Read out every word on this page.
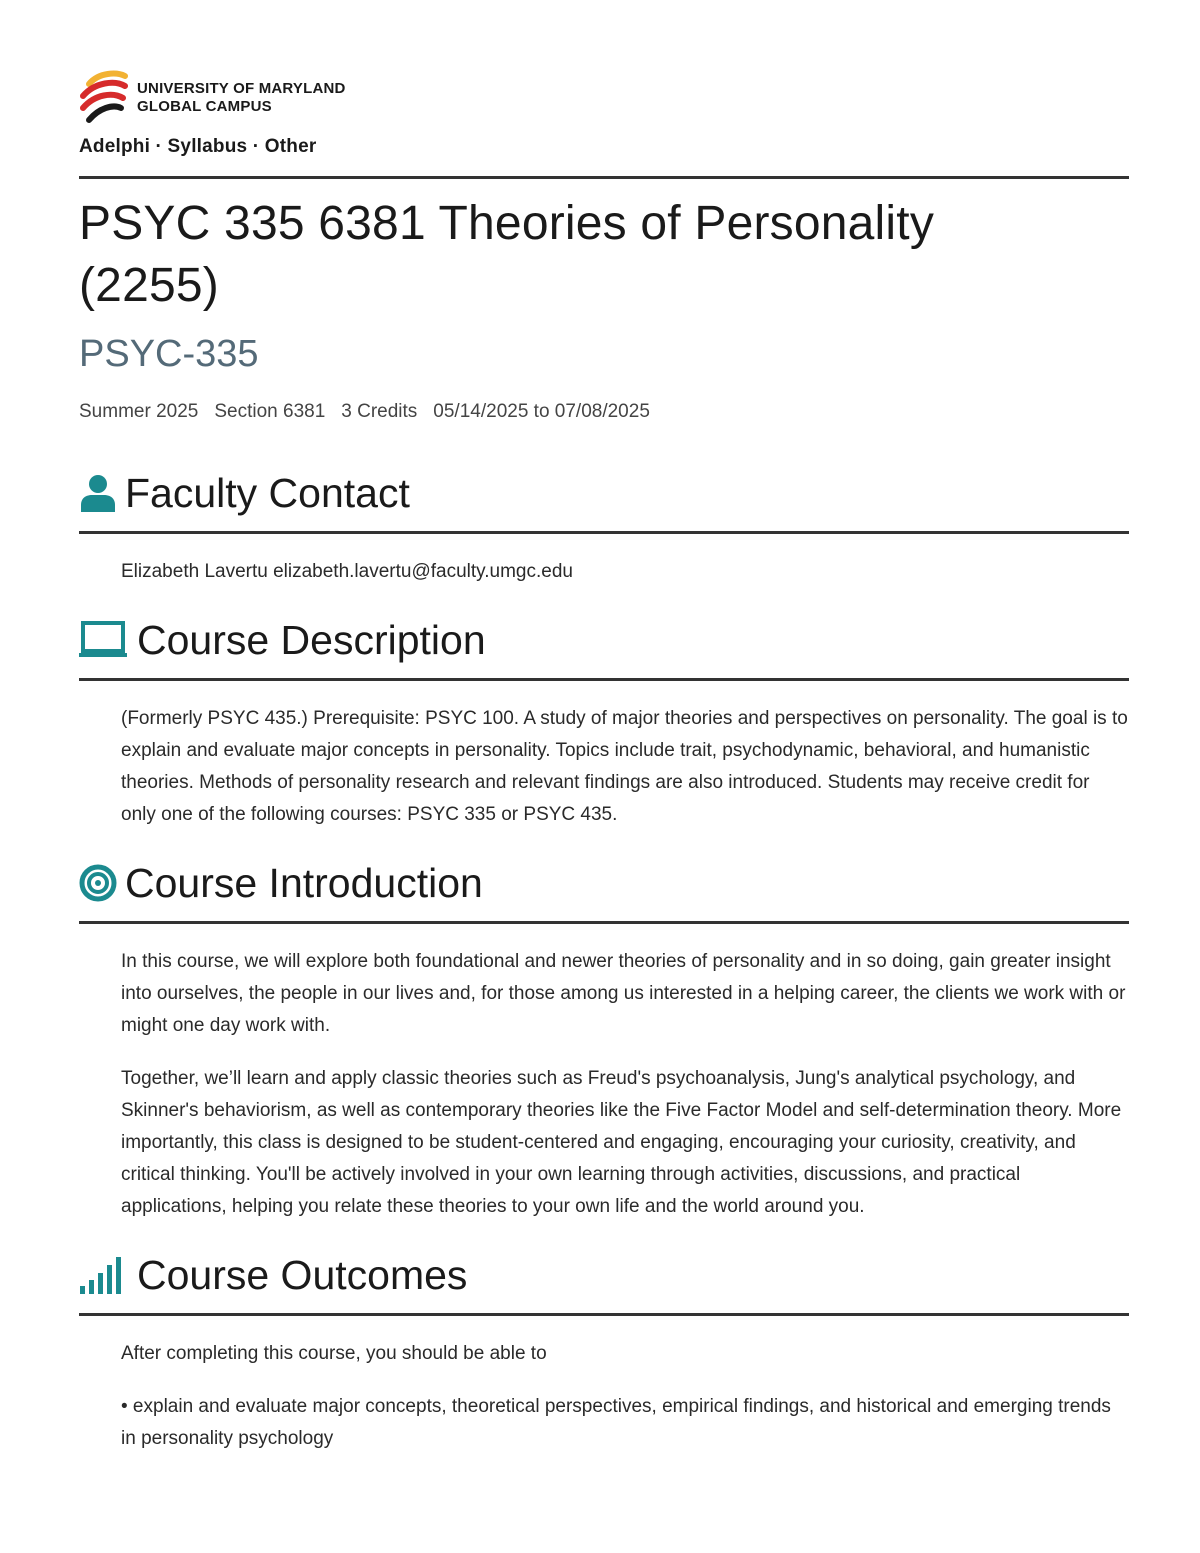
UNIVERSITY OF MARYLAND
GLOBAL CAMPUS
Adelphi · Syllabus · Other
PSYC 335 6381 Theories of Personality
(2255)
PSYC-335
Summer 2025 Section 6381 3 Credits 05/14/2025 to 07/08/2025
Faculty Contact

Elizabeth Lavertu elizabeth.lavertu@faculty.umgc.edu

Course Description

(Formerly PSYC 435.) Prerequisite: PSYC 100. A study of major theories and perspectives on personality. The goal is to explain and evaluate major concepts in personality. Topics include trait, psychodynamic, behavioral, and humanistic theories. Methods of personality research and relevant findings are also introduced. Students may receive credit for only one of the following courses: PSYC 335 or PSYC 435.

Course Introduction

In this course, we will explore both foundational and newer theories of personality and in so doing, gain greater insight into ourselves, the people in our lives and, for those among us interested in a helping career, the clients we work with or might one day work with.

Together, we’ll learn and apply classic theories such as Freud's psychoanalysis, Jung's analytical psychology, and Skinner's behaviorism, as well as contemporary theories like the Five Factor Model and self-determination theory. More importantly, this class is designed to be student-centered and engaging, encouraging your curiosity, creativity, and critical thinking. You'll be actively involved in your own learning through activities, discussions, and practical applications, helping you relate these theories to your own life and the world around you.

Course Outcomes

After completing this course, you should be able to

• explain and evaluate major concepts, theoretical perspectives, empirical findings, and historical and emerging trends in personality psychology
